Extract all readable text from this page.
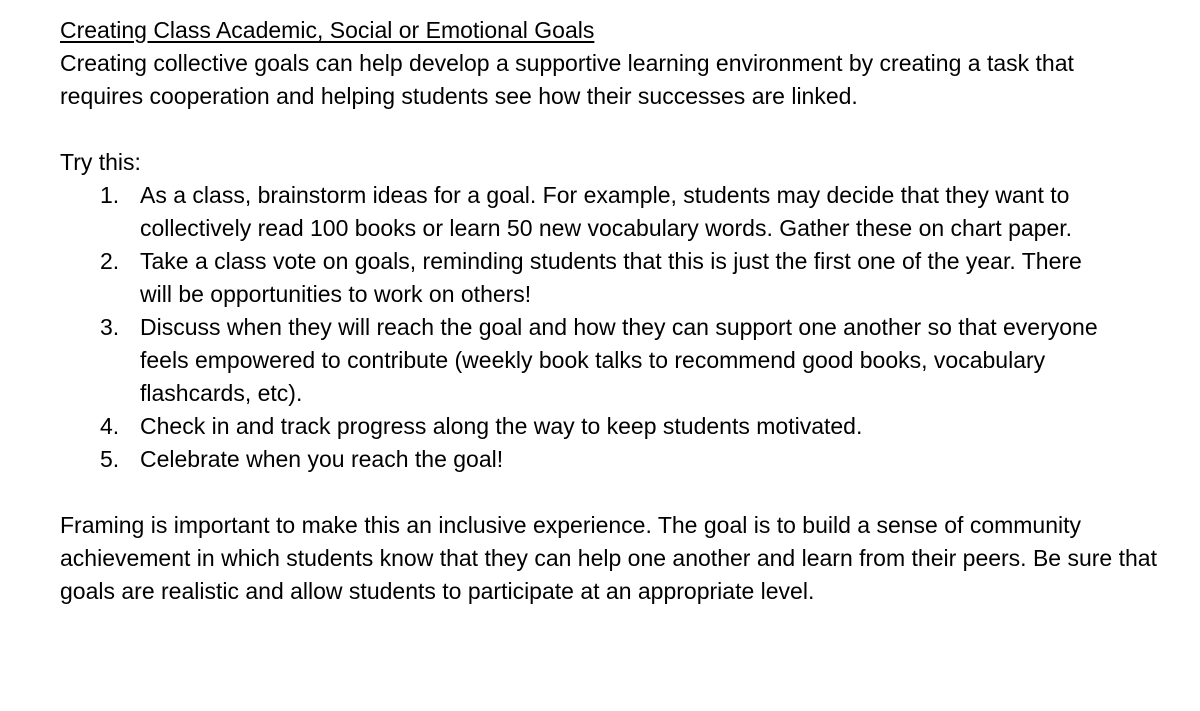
Creating Class Academic, Social or Emotional Goals

Creating collective goals can help develop a supportive learning environment by creating a task that requires cooperation and helping students see how their successes are linked.

Try this:

1. As a class, brainstorm ideas for a goal. For example, students may decide that they want to collectively read 100 books or learn 50 new vocabulary words. Gather these on chart paper.
2. Take a class vote on goals, reminding students that this is just the first one of the year. There will be opportunities to work on others!
3. Discuss when they will reach the goal and how they can support one another so that everyone feels empowered to contribute (weekly book talks to recommend good books, vocabulary flashcards, etc).
4. Check in and track progress along the way to keep students motivated.
5. Celebrate when you reach the goal!

Framing is important to make this an inclusive experience. The goal is to build a sense of community achievement in which students know that they can help one another and learn from their peers. Be sure that goals are realistic and allow students to participate at an appropriate level.
